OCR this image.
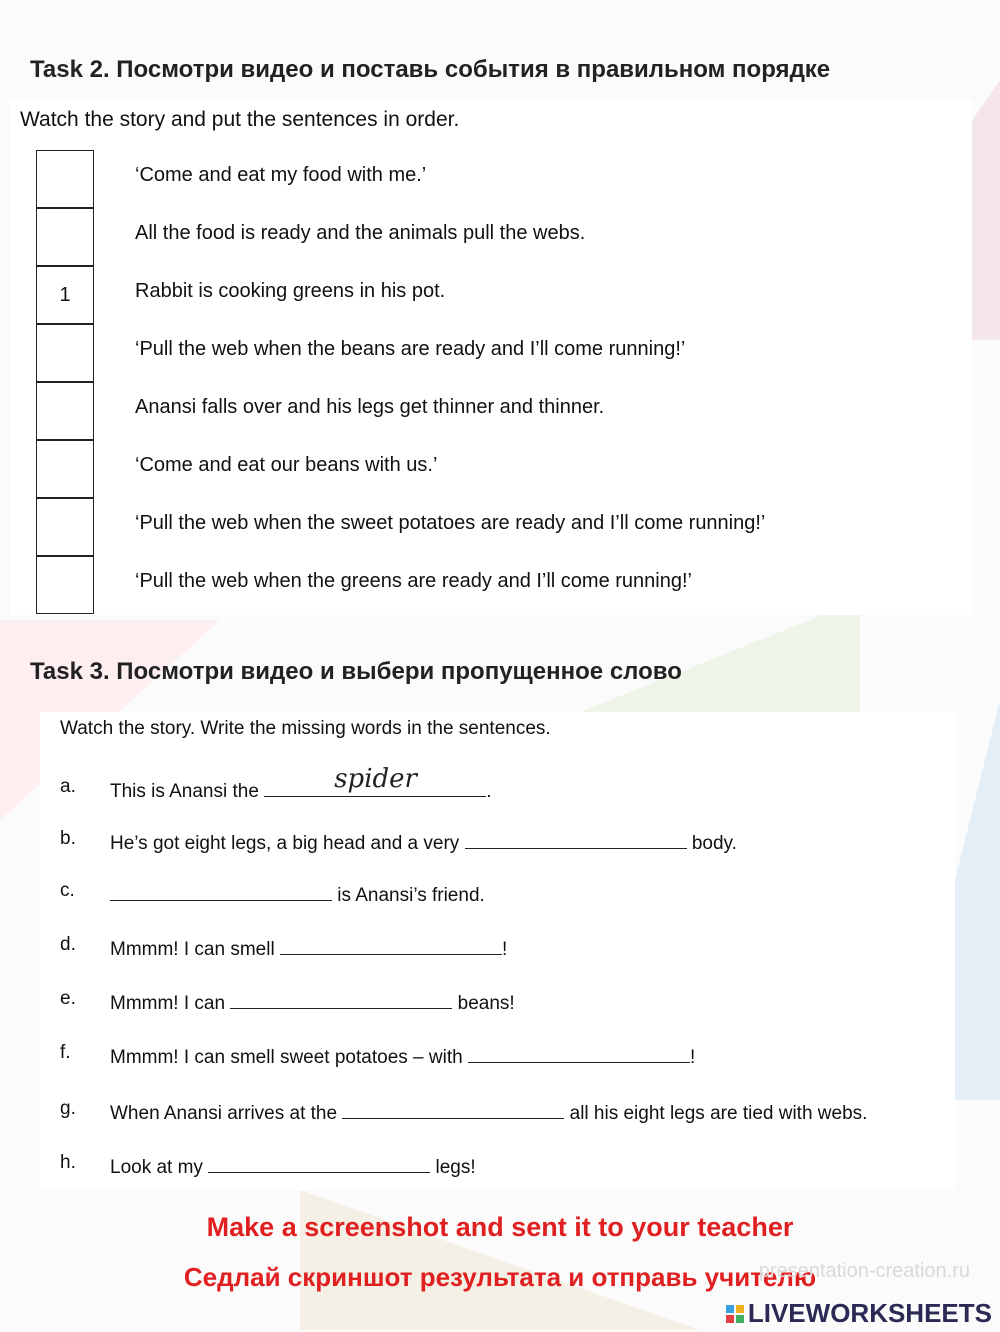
Task 2. Посмотри видео и поставь события в правильном порядке
Watch the story and put the sentences in order.
‘Come and eat my food with me.’
All the food is ready and the animals pull the webs.
1	Rabbit is cooking greens in his pot.
‘Pull the web when the beans are ready and I’ll come running!’
Anansi falls over and his legs get thinner and thinner.
‘Come and eat our beans with us.’
‘Pull the web when the sweet potatoes are ready and I’ll come running!’
‘Pull the web when the greens are ready and I’ll come running!’
Task 3. Посмотри видео и выбери пропущенное слово
Watch the story. Write the missing words in the sentences.
a. This is Anansi the	spider	.
b. He’s got eight legs, a big head and a very	body.
c.	is Anansi’s friend.
d. Mmmm! I can smell	!
e. Mmmm! I can	beans!
f. Mmmm! I can smell sweet potatoes – with	!
g. When Anansi arrives at the	all his eight legs are tied with webs.
h. Look at my	legs!
Make a screenshot and sent it to your teacher
Седлай скриншот результата и отправь учителю
presentation-creation.ru
LIVEWORKSHEETS
